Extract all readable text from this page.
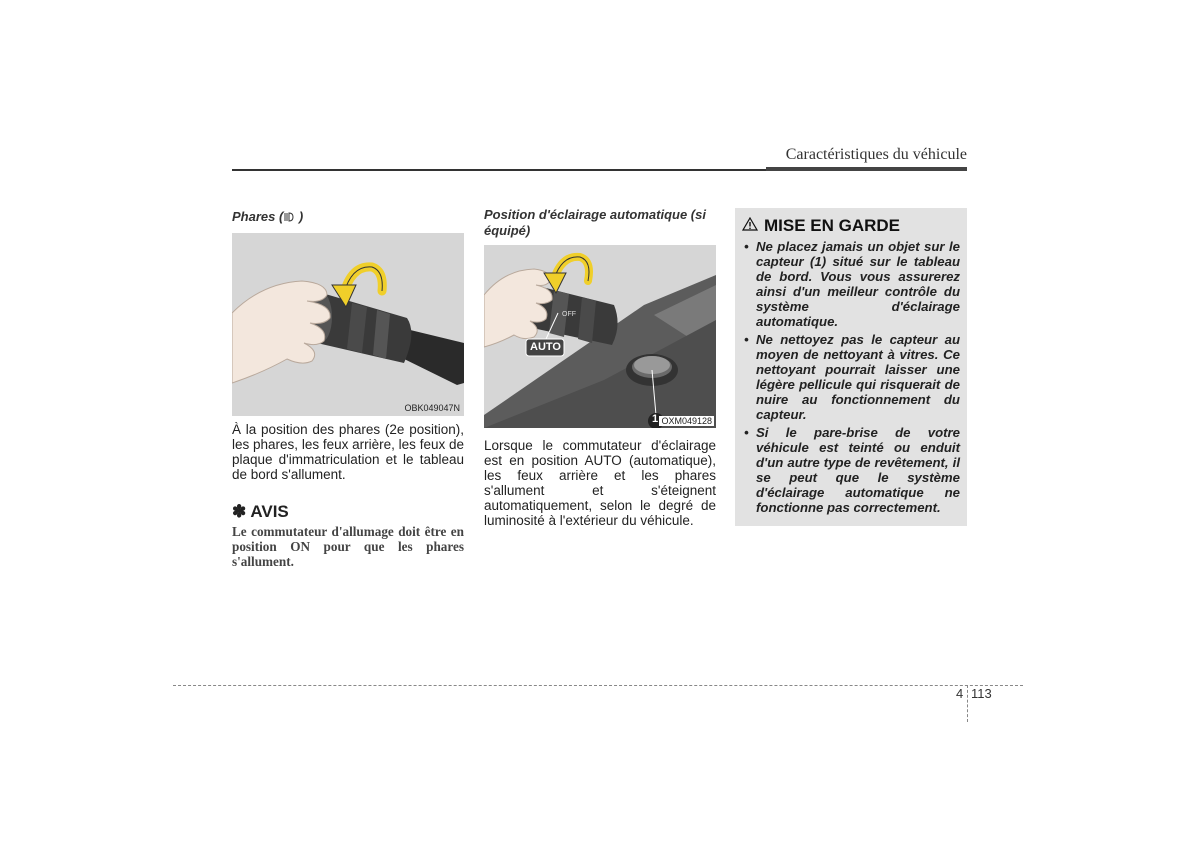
Caractéristiques du véhicule
Phares ( )
OBK049047N
À la position des phares (2e position), les phares, les feux arrière, les feux de plaque d'immatriculation et le tableau de bord s'allument.
✽ AVIS
Le commutateur d'allumage doit être en position ON pour que les phares s'allument.
Position d'éclairage automatique (si équipé)
AUTO
OFF
1 OXM049128
Lorsque le commutateur d'éclairage est en position AUTO (automatique), les feux arrière et les phares s'allument et s'éteignent automatiquement, selon le degré de luminosité à l'extérieur du véhicule.
MISE EN GARDE
• Ne placez jamais un objet sur le capteur (1) situé sur le tableau de bord. Vous vous assurerez ainsi d'un meilleur contrôle du système d'éclairage automatique.
• Ne nettoyez pas le capteur au moyen de nettoyant à vitres. Ce nettoyant pourrait laisser une légère pellicule qui risquerait de nuire au fonctionnement du capteur.
• Si le pare-brise de votre véhicule est teinté ou enduit d'un autre type de revêtement, il se peut que le système d'éclairage automatique ne fonctionne pas correctement.
4 113
